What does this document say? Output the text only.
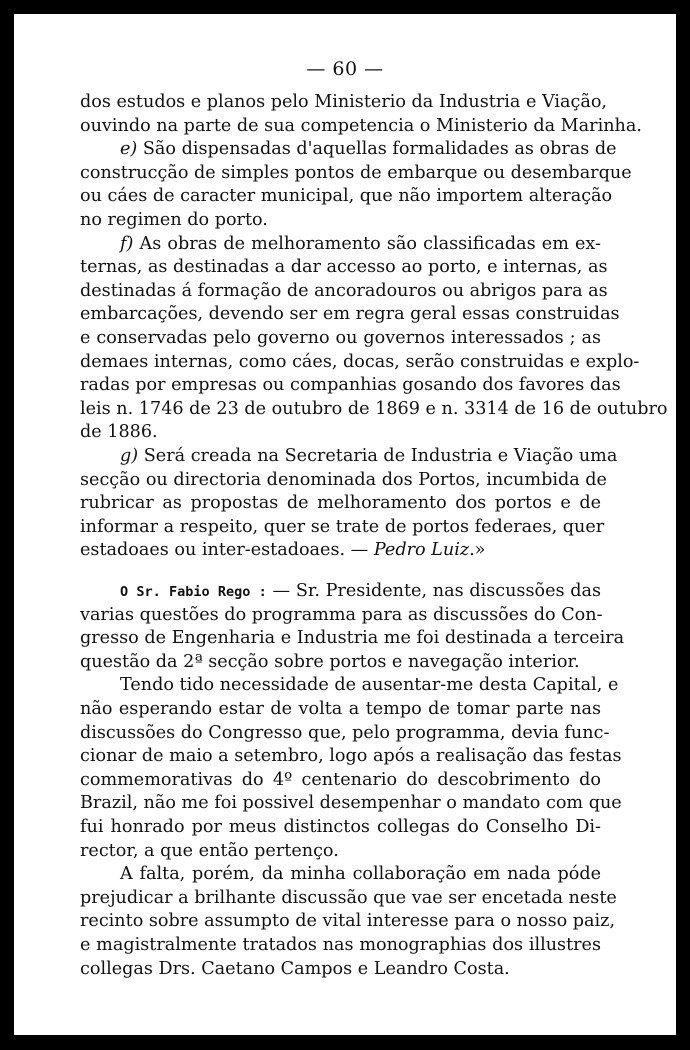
— 60 —
dos estudos e planos pelo Ministerio da Industria e Viação,
ouvindo na parte de sua competencia o Ministerio da Marinha.
e) São dispensadas d'aquellas formalidades as obras de
construcção de simples pontos de embarque ou desembarque
ou cáes de caracter municipal, que não importem alteração
no regimen do porto.
f) As obras de melhoramento são classificadas em ex-
ternas, as destinadas a dar accesso ao porto, e internas, as
destinadas á formação de ancoradouros ou abrigos para as
embarcações, devendo ser em regra geral essas construidas
e conservadas pelo governo ou governos interessados ; as
demaes internas, como cáes, docas, serão construidas e explo-
radas por empresas ou companhias gosando dos favores das
leis n. 1746 de 23 de outubro de 1869 e n. 3314 de 16 de outubro
de 1886.
g) Será creada na Secretaria de Industria e Viação uma
secção ou directoria denominada dos Portos, incumbida de
rubricar as propostas de melhoramento dos portos e de
informar a respeito, quer se trate de portos federaes, quer
estadoaes ou inter-estadoaes. — Pedro Luiz.»
O Sr. Fabio Rego : — Sr. Presidente, nas discussões das
varias questões do programma para as discussões do Con-
gresso de Engenharia e Industria me foi destinada a terceira
questão da 2ª secção sobre portos e navegação interior.
Tendo tido necessidade de ausentar-me desta Capital, e
não esperando estar de volta a tempo de tomar parte nas
discussões do Congresso que, pelo programma, devia func-
cionar de maio a setembro, logo após a realisação das festas
commemorativas do 4º centenario do descobrimento do
Brazil, não me foi possivel desempenhar o mandato com que
fui honrado por meus distinctos collegas do Conselho Di-
rector, a que então pertenço.
A falta, porém, da minha collaboração em nada póde
prejudicar a brilhante discussão que vae ser encetada neste
recinto sobre assumpto de vital interesse para o nosso paiz,
e magistralmente tratados nas monographias dos illustres
collegas Drs. Caetano Campos e Leandro Costa.
